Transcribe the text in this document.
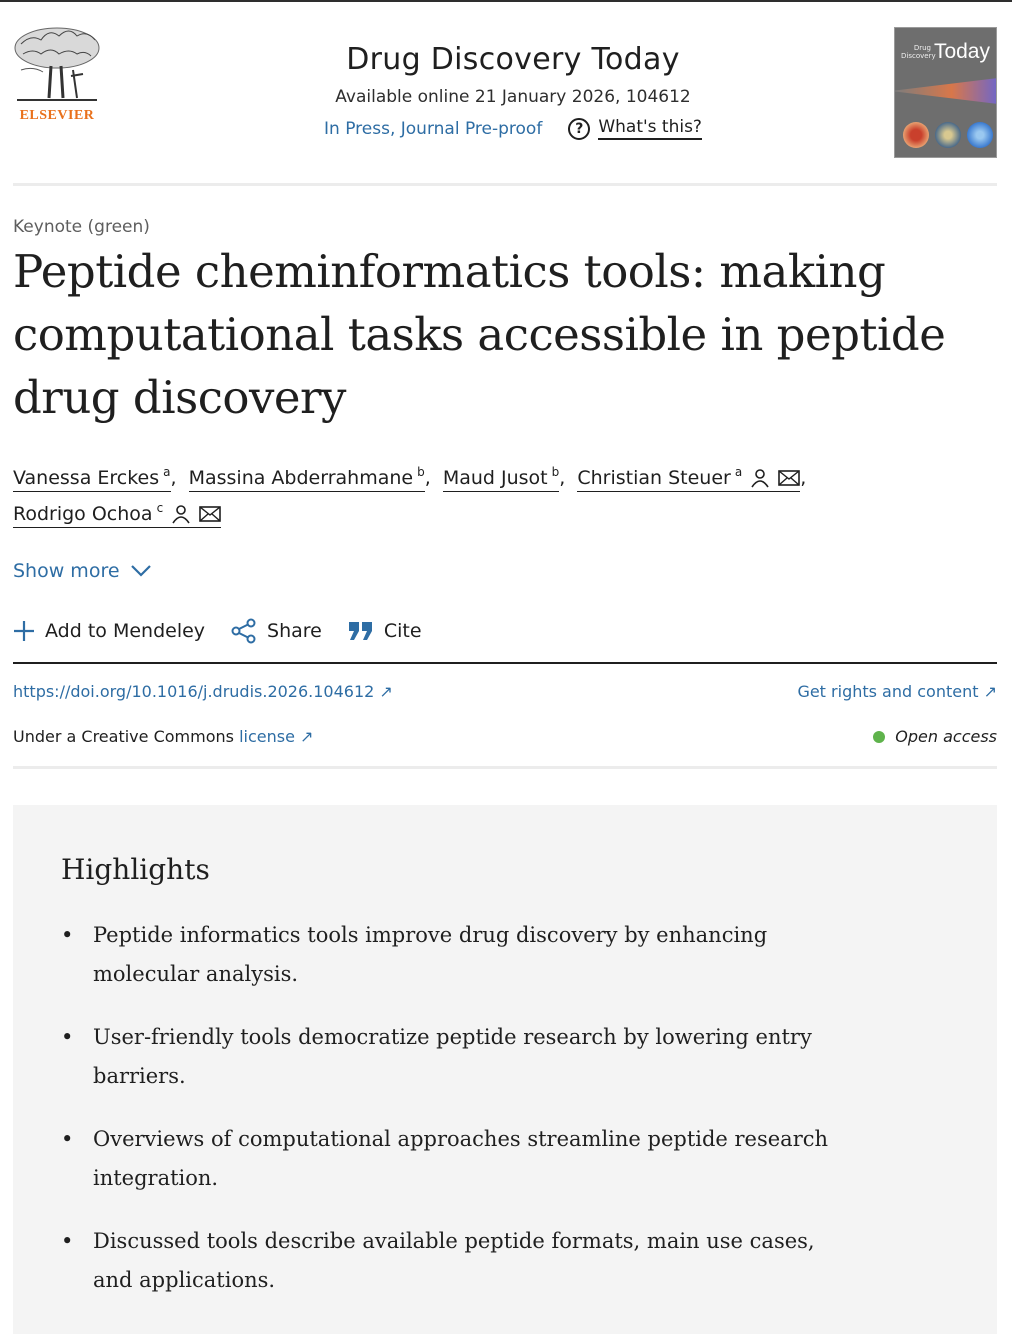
ELSEVIER
Drug Discovery Today
Available online 21 January 2026, 104612
In Press, Journal Pre-proof	? What's this?
Drug Discovery
Today
Keynote (green)
Peptide cheminformatics tools: making computational tasks accessible in peptide drug discovery
Vanessa Erckes $^a$ , Massina Abderrahmane $^b$ , Maud Jusot $^b$ , Christian Steuer $^a$	,

Rodrigo Ochoa $^c$
Show more
Add to Mendeley	Share	Cite
https://doi.org/10.1016/j.drudis.2026.104612 ↗	Get rights and content ↗
Under a Creative Commons license ↗	Open access
Highlights
• Peptide informatics tools improve drug discovery by enhancing molecular analysis.
• User-friendly tools democratize peptide research by lowering entry barriers.
• Overviews of computational approaches streamline peptide research integration.
• Discussed tools describe available peptide formats, main use cases, and applications.
